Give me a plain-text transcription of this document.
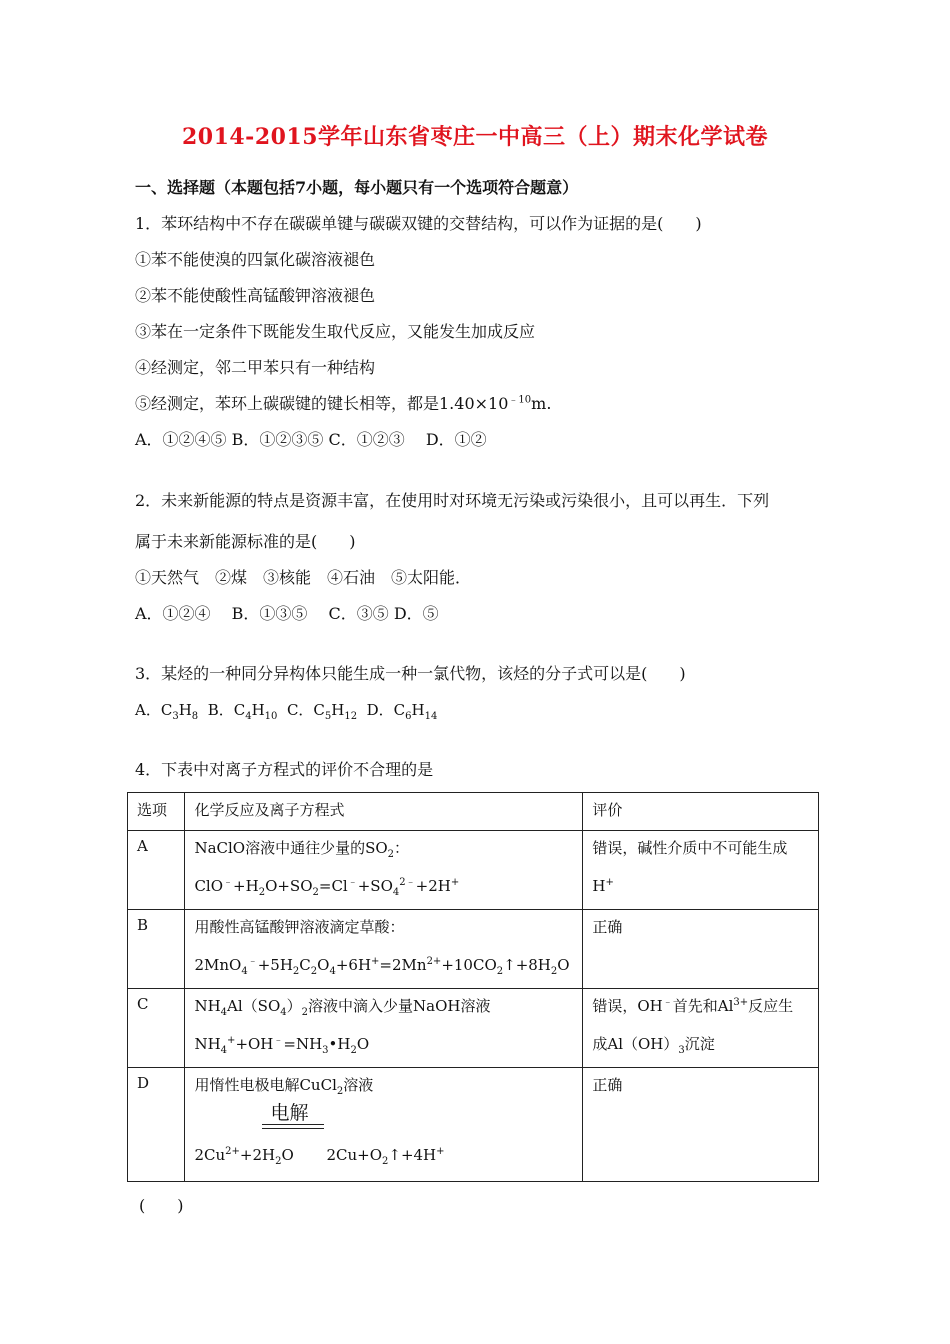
2014-2015学年山东省枣庄一中高三（上）期末化学试卷
一、选择题（本题包括7小题，每小题只有一个选项符合题意）
1．苯环结构中不存在碳碳单键与碳碳双键的交替结构，可以作为证据的是(　　)
①苯不能使溴的四氯化碳溶液褪色
②苯不能使酸性高锰酸钾溶液褪色
③苯在一定条件下既能发生取代反应，又能发生加成反应
④经测定，邻二甲苯只有一种结构
⑤经测定，苯环上碳碳键的键长相等，都是$1.40\times 10^{﹣10}m$.
A．①②④⑤ B．①②③⑤ C．①②③　 D．①②
2．未来新能源的特点是资源丰富，在使用时对环境无污染或污染很小，且可以再生．下列
属于未来新能源标准的是(　　)
①天然气　②煤　③核能　④石油　⑤太阳能．
A．①②④　 B．①③⑤　 C．③⑤ D．⑤
3．某烃的一种同分异构体只能生成一种一氯代物，该烃的分子式可以是(　　)
A．$C_3H_8$  B．$C_4H_{10}$  C．$C_5H_{12}$  D．$C_6H_{14}$
4．下表中对离子方程式的评价不合理的是
选项	化学反应及离子方程式	评价
A	NaClO溶液中通往少量的$SO_2$：
$ClO^﹣+H_2O+SO_2=Cl^﹣+SO_4^{2﹣}+2H^+$	错误，碱性介质中不可能生成
H+

B	用酸性高锰酸钾溶液滴定草酸：
$2MnO_4^﹣+5H_2C_2O_4+6H^+=2Mn^{2+}+10CO_2↑+8H_2O$	正确
C	$NH_4Al(SO_4)_2$溶液中滴入少量NaOH溶液
$NH_4^++OH^﹣=NH_3•H_2O$	错误，OH﹣首先和$Al^{3+}$反应生
成$Al(OH)_3$沉淀

D	用惰性电极电解CuCl$_2$溶液
电解
$2Cu^{2+}+2H_2O$ $2Cu+O_2↑+4H^+$	正确
(　　)
